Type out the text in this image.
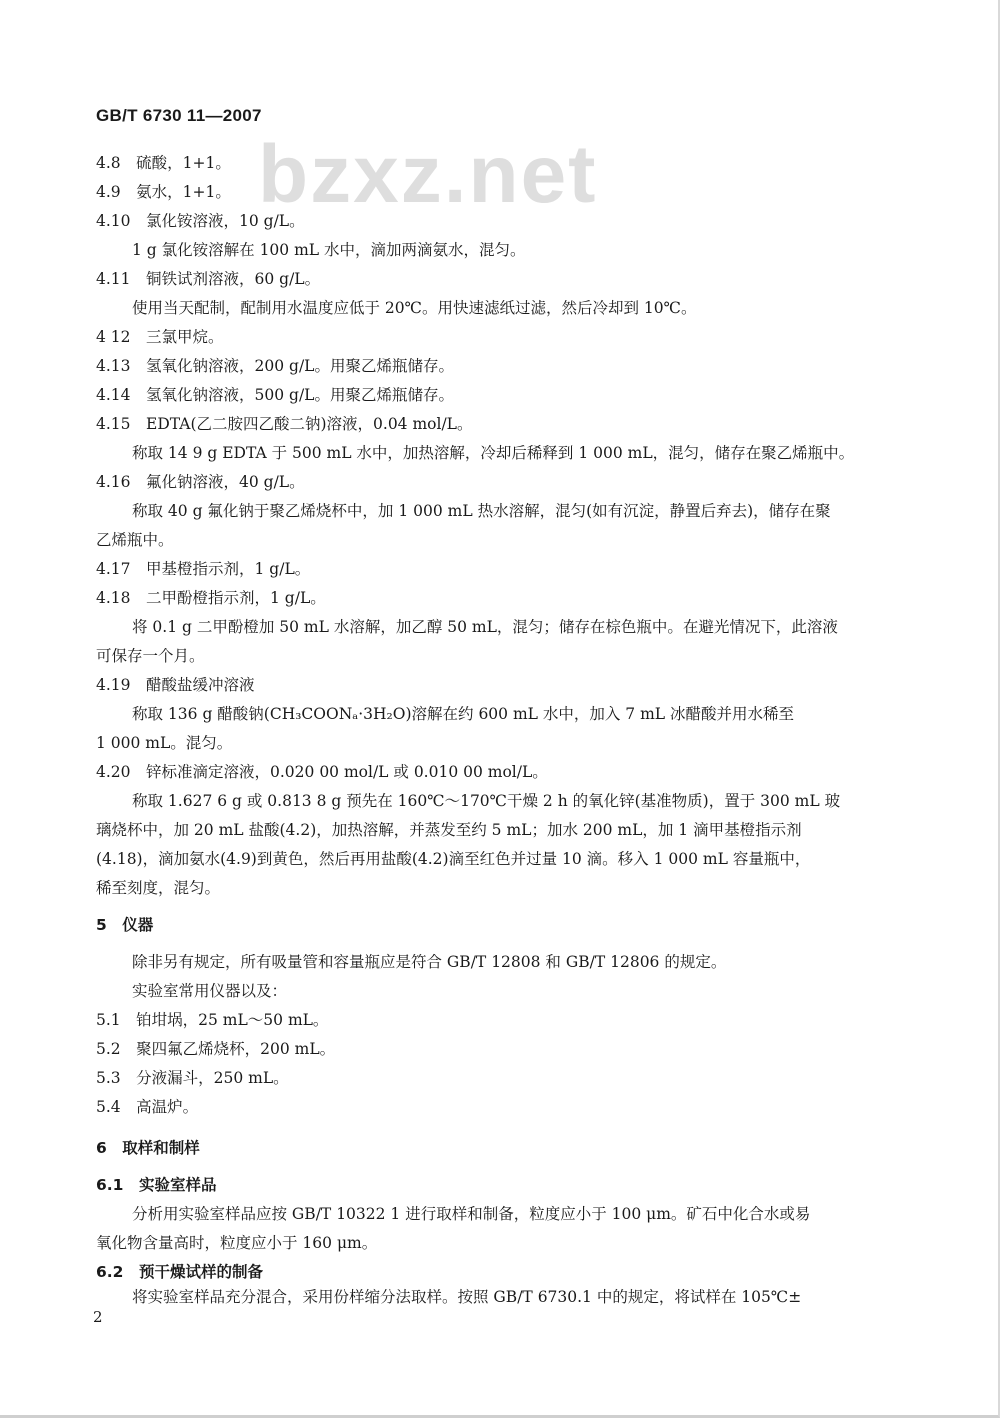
GB/T 6730 11—2007
bzxz.net
4.8　硫酸，1+1。
4.9　氨水，1+1。
4.10　氯化铵溶液，10 g/L。
1 g 氯化铵溶解在 100 mL 水中，滴加两滴氨水，混匀。
4.11　铜铁试剂溶液，60 g/L。
使用当天配制，配制用水温度应低于 20℃。用快速滤纸过滤，然后冷却到 10℃。
4 12　三氯甲烷。
4.13　氢氧化钠溶液，200 g/L。用聚乙烯瓶储存。
4.14　氢氧化钠溶液，500 g/L。用聚乙烯瓶储存。
4.15　EDTA(乙二胺四乙酸二钠)溶液，0.04 mol/L。
称取 14 9 g EDTA 于 500 mL 水中，加热溶解，冷却后稀释到 1 000 mL，混匀，储存在聚乙烯瓶中。
4.16　氟化钠溶液，40 g/L。
称取 40 g 氟化钠于聚乙烯烧杯中，加 1 000 mL 热水溶解，混匀(如有沉淀，静置后弃去)，储存在聚
乙烯瓶中。
4.17　甲基橙指示剂，1 g/L。
4.18　二甲酚橙指示剂，1 g/L。
将 0.1 g 二甲酚橙加 50 mL 水溶解，加乙醇 50 mL，混匀；储存在棕色瓶中。在避光情况下，此溶液
可保存一个月。
4.19　醋酸盐缓冲溶液
称取 136 g 醋酸钠(CH₃COONₐ·3H₂O)溶解在约 600 mL 水中，加入 7 mL 冰醋酸并用水稀至
1 000 mL。混匀。
4.20　锌标准滴定溶液，0.020 00 mol/L 或 0.010 00 mol/L。
称取 1.627 6 g 或 0.813 8 g 预先在 160℃～170℃干燥 2 h 的氧化锌(基准物质)，置于 300 mL 玻
璃烧杯中，加 20 mL 盐酸(4.2)，加热溶解，并蒸发至约 5 mL；加水 200 mL，加 1 滴甲基橙指示剂
(4.18)，滴加氨水(4.9)到黄色，然后再用盐酸(4.2)滴至红色并过量 10 滴。移入 1 000 mL 容量瓶中，
稀至刻度，混匀。
5　仪器
除非另有规定，所有吸量管和容量瓶应是符合 GB/T 12808 和 GB/T 12806 的规定。
实验室常用仪器以及：
5.1　铂坩埚，25 mL～50 mL。
5.2　聚四氟乙烯烧杯，200 mL。
5.3　分液漏斗，250 mL。
5.4　高温炉。
6　取样和制样
6.1　实验室样品
分析用实验室样品应按 GB/T 10322 1 进行取样和制备，粒度应小于 100 μm。矿石中化合水或易
氧化物含量高时，粒度应小于 160 μm。
6.2　预干燥试样的制备
将实验室样品充分混合，采用份样缩分法取样。按照 GB/T 6730.1 中的规定，将试样在 105℃±
2
